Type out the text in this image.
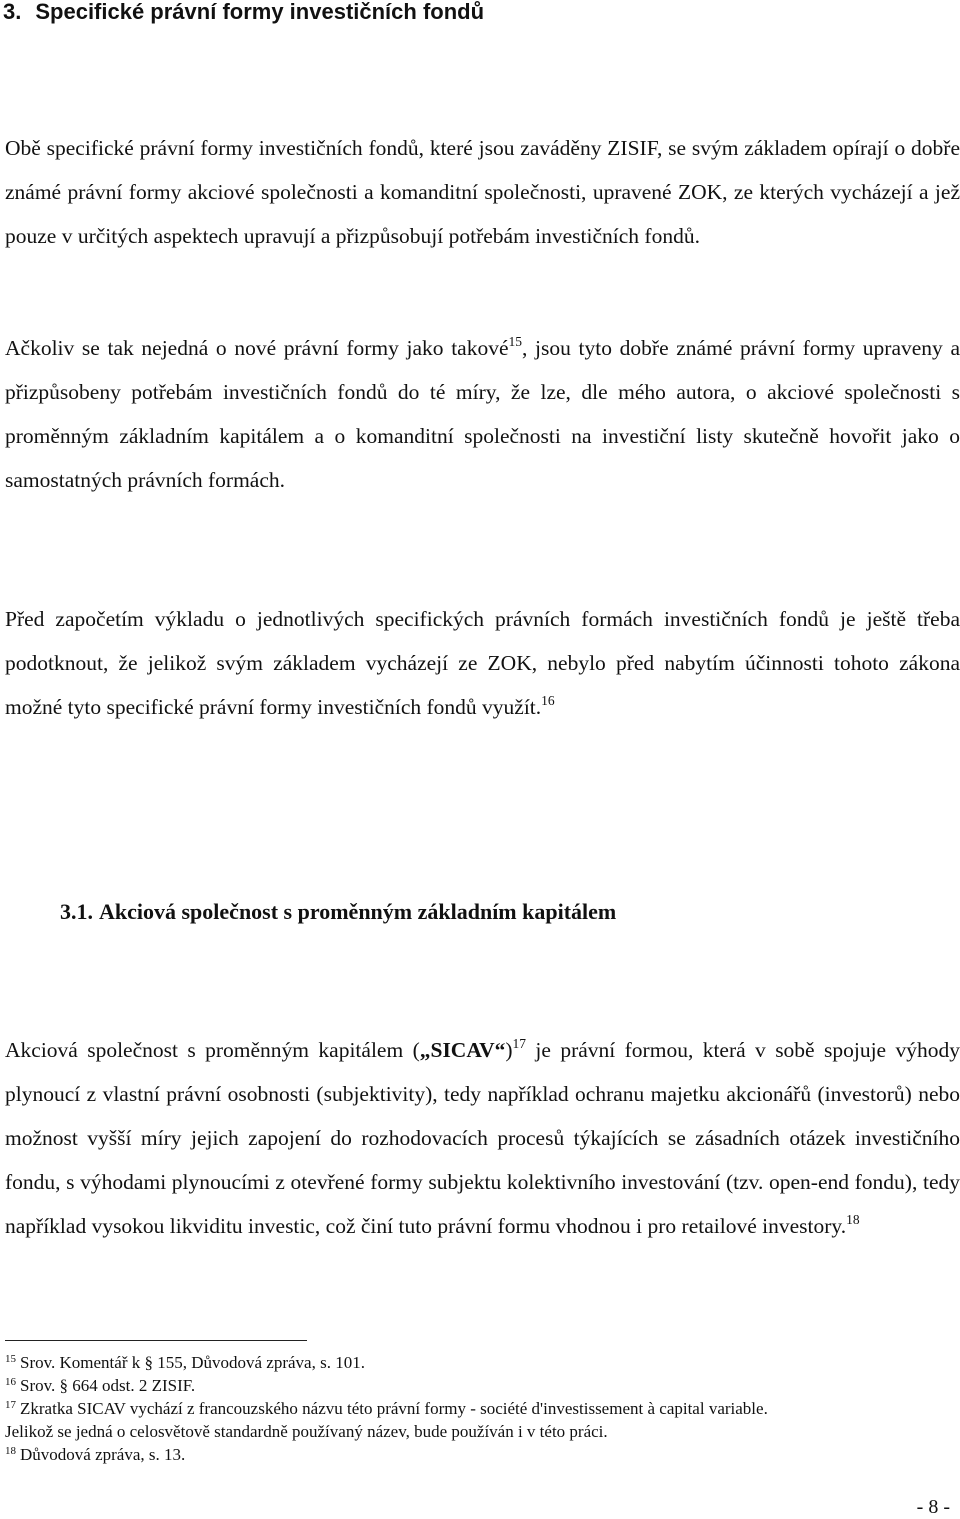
3. Specifické právní formy investičních fondů
Obě specifické právní formy investičních fondů, které jsou zaváděny ZISIF, se svým základem opírají o dobře známé právní formy akciové společnosti a komanditní společnosti, upravené ZOK, ze kterých vycházejí a jež pouze v určitých aspektech upravují a přizpůsobují potřebám investičních fondů.
Ačkoliv se tak nejedná o nové právní formy jako takové$^{15}$, jsou tyto dobře známé právní formy upraveny a přizpůsobeny potřebám investičních fondů do té míry, že lze, dle mého autora, o akciové společnosti s proměnným základním kapitálem a o komanditní společnosti na investiční listy skutečně hovořit jako o samostatných právních formách.
Před započetím výkladu o jednotlivých specifických právních formách investičních fondů je ještě třeba podotknout, že jelikož svým základem vycházejí ze ZOK, nebylo před nabytím účinnosti tohoto zákona možné tyto specifické právní formy investičních fondů využít.$^{16}$
3.1. Akciová společnost s proměnným základním kapitálem
Akciová společnost s proměnným kapitálem („SICAV“)$^{17}$ je právní formou, která v sobě spojuje výhody plynoucí z vlastní právní osobnosti (subjektivity), tedy například ochranu majetku akcionářů (investorů) nebo možnost vyšší míry jejich zapojení do rozhodovacích procesů týkajících se zásadních otázek investičního fondu, s výhodami plynoucími z otevřené formy subjektu kolektivního investování (tzv. open-end fondu), tedy například vysokou likviditu investic, což činí tuto právní formu vhodnou i pro retailové investory.$^{18}$
$^{15}$ Srov. Komentář k § 155, Důvodová zpráva, s. 101.
$^{16}$ Srov. § 664 odst. 2 ZISIF.
$^{17}$ Zkratka SICAV vychází z francouzského názvu této právní formy - société d'investissement à capital variable.
Jelikož se jedná o celosvětově standardně používaný název, bude používán i v této práci.
$^{18}$ Důvodová zpráva, s. 13.
- 8 -
